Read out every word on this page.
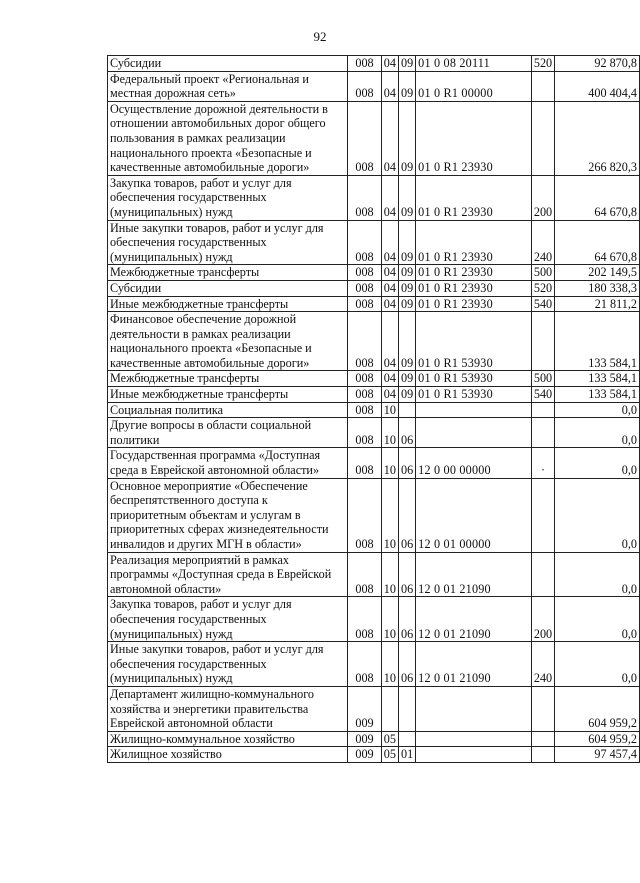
92
Субсидии	008	04	09	01 0 08 20111	520	92 870,8
Федеральный проект «Региональная и местная дорожная сеть»	008	04	09	01 0 R1 00000		400 404,4
Осуществление дорожной деятельности в отношении автомобильных дорог общего пользования в рамках реализации национального проекта «Безопасные и качественные автомобильные дороги»	008	04	09	01 0 R1 23930		266 820,3
Закупка товаров, работ и услуг для обеспечения государственных (муниципальных) нужд	008	04	09	01 0 R1 23930	200	64 670,8
Иные закупки товаров, работ и услуг для обеспечения государственных (муниципальных) нужд	008	04	09	01 0 R1 23930	240	64 670,8
Межбюджетные трансферты	008	04	09	01 0 R1 23930	500	202 149,5
Субсидии	008	04	09	01 0 R1 23930	520	180 338,3
Иные межбюджетные трансферты	008	04	09	01 0 R1 23930	540	21 811,2
Финансовое обеспечение дорожной деятельности в рамках реализации национального проекта «Безопасные и качественные автомобильные дороги»	008	04	09	01 0 R1 53930		133 584,1
Межбюджетные трансферты	008	04	09	01 0 R1 53930	500	133 584,1
Иные межбюджетные трансферты	008	04	09	01 0 R1 53930	540	133 584,1
Социальная политика	008	10				0,0
Другие вопросы в области социальной политики	008	10	06			0,0
Государственная программа «Доступная среда в Еврейской автономной области»	008	10	06	12 0 00 00000	·	0,0
Основное мероприятие «Обеспечение беспрепятственного доступа к приоритетным объектам и услугам в приоритетных сферах жизнедеятельности инвалидов и других МГН в области»	008	10	06	12 0 01 00000		0,0
Реализация мероприятий в рамках программы «Доступная среда в Еврейской автономной области»	008	10	06	12 0 01 21090		0,0
Закупка товаров, работ и услуг для обеспечения государственных (муниципальных) нужд	008	10	06	12 0 01 21090	200	0,0
Иные закупки товаров, работ и услуг для обеспечения государственных (муниципальных) нужд	008	10	06	12 0 01 21090	240	0,0
Департамент жилищно-коммунального хозяйства и энергетики правительства Еврейской автономной области	009					604 959,2
Жилищно-коммунальное хозяйство	009	05				604 959,2
Жилищное хозяйство	009	05	01			97 457,4
